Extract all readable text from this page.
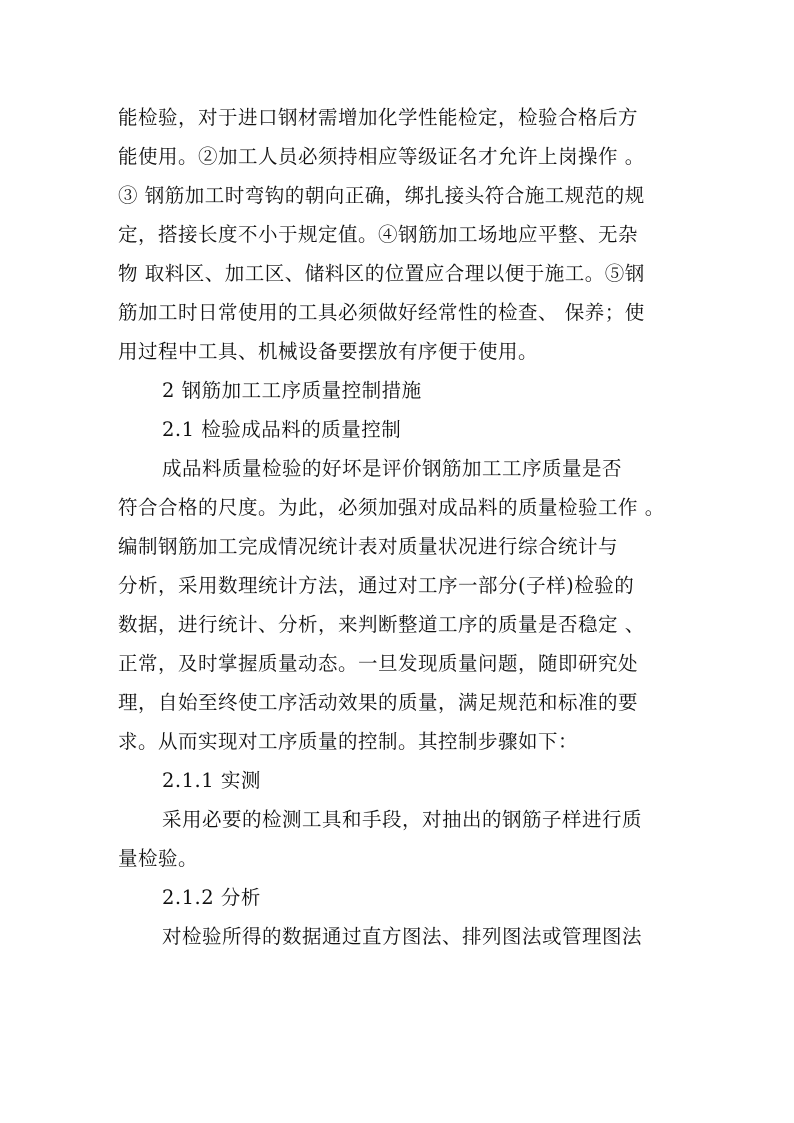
能检验，对于进口钢材需增加化学性能检定，检验合格后方
能使用。②加工人员必须持相应等级证名才允许上岗操作 。
③ 钢筋加工时弯钩的朝向正确，绑扎接头符合施工规范的规
定，搭接长度不小于规定值。④钢筋加工场地应平整、无杂
物 取料区、加工区、储料区的位置应合理以便于施工。⑤钢
筋加工时日常使用的工具必须做好经常性的检查、 保养；使
用过程中工具、机械设备要摆放有序便于使用。
2 钢筋加工工序质量控制措施
2.1 检验成品料的质量控制
成品料质量检验的好坏是评价钢筋加工工序质量是否
符合合格的尺度。为此，必须加强对成品料的质量检验工作 。
编制钢筋加工完成情况统计表对质量状况进行综合统计与
分析，采用数理统计方法，通过对工序一部分(子样)检验的
数据，进行统计、分析，来判断整道工序的质量是否稳定 、
正常，及时掌握质量动态。一旦发现质量问题，随即研究处
理，自始至终使工序活动效果的质量，满足规范和标准的要
求。从而实现对工序质量的控制。其控制步骤如下：
2.1.1 实测
采用必要的检测工具和手段，对抽出的钢筋子样进行质
量检验。
2.1.2 分析
对检验所得的数据通过直方图法、排列图法或管理图法
